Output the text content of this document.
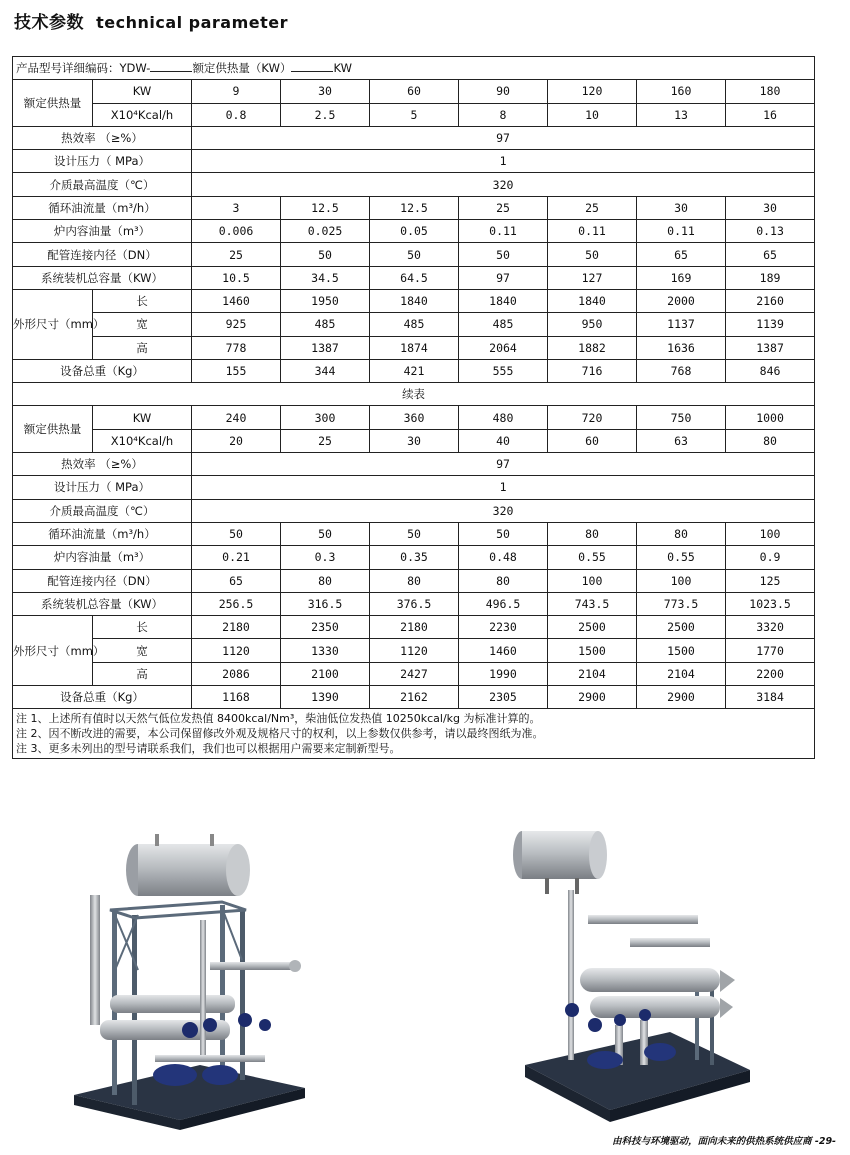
技术参数 technical parameter
产品型号详细编码：YDW- 额定供热量（KW） KW								
额定供热量	KW	9	30	60	90	120	160	180
	X10⁴Kcal/h	0.8	2.5	5	8	10	13	16
热效率 （≥%）		97						
设计压力（ MPa）		1						
介质最高温度（℃）		320						
循环油流量（m³/h）		3	12.5	12.5	25	25	30	30
炉内容油量（m³）		0.006	0.025	0.05	0.11	0.11	0.11	0.13
配管连接内径（DN）		25	50	50	50	50	65	65
系统装机总容量（KW）		10.5	34.5	64.5	97	127	169	189
外形尺寸（mm）	长	1460	1950	1840	1840	1840	2000	2160
	宽	925	485	485	485	950	1137	1139
	高	778	1387	1874	2064	1882	1636	1387
设备总重（Kg）		155	344	421	555	716	768	846
续表								
额定供热量	KW	240	300	360	480	720	750	1000
	X10⁴Kcal/h	20	25	30	40	60	63	80
热效率 （≥%）		97						
设计压力（ MPa）		1						
介质最高温度（℃）		320						
循环油流量（m³/h）		50	50	50	50	80	80	100
炉内容油量（m³）		0.21	0.3	0.35	0.48	0.55	0.55	0.9
配管连接内径（DN）		65	80	80	80	100	100	125
系统装机总容量（KW）		256.5	316.5	376.5	496.5	743.5	773.5	1023.5
外形尺寸（mm）	长	2180	2350	2180	2230	2500	2500	3320
	宽	1120	1330	1120	1460	1500	1500	1770
	高	2086	2100	2427	1990	2104	2104	2200
设备总重（Kg）		1168	1390	2162	2305	2900	2900	3184

注 1、上述所有值时以天然气低位发热值 8400kcal/Nm³，柴油低位发热值 10250kcal/kg 为标准计算的。
注 2、因不断改进的需要，本公司保留修改外观及规格尺寸的权利，以上参数仅供参考，请以最终图纸为准。
注 3、更多未列出的型号请联系我们，我们也可以根据用户需要来定制新型号。								
由科技与环境驱动，面向未来的供热系统供应商 -29-
